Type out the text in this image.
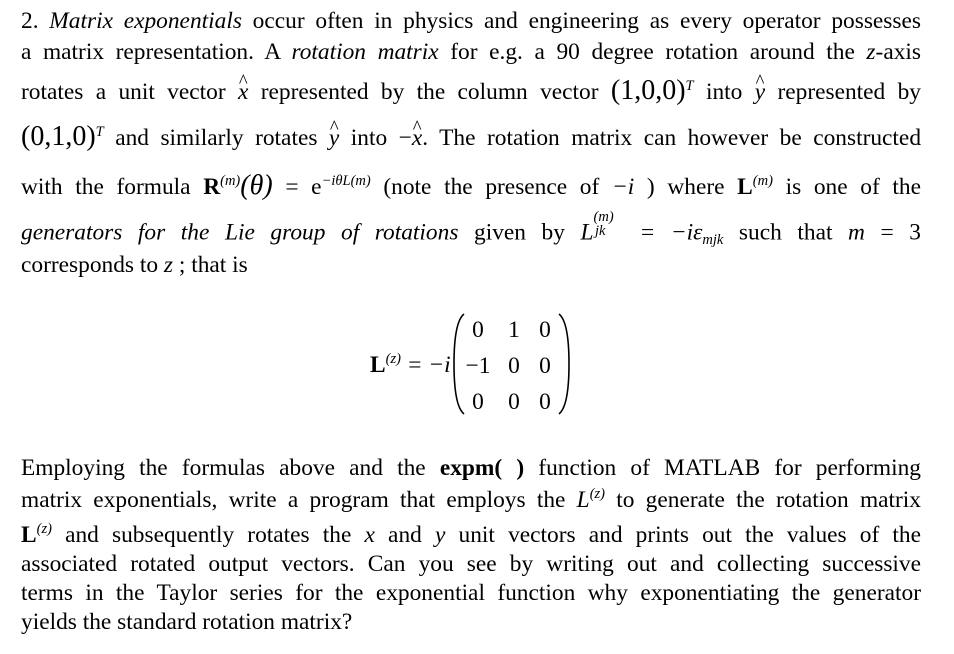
2. Matrix exponentials occur often in physics and engineering as every operator possesses
a matrix representation. A rotation matrix for e.g. a 90 degree rotation around the z-axis
rotates a unit vector ^ x represented by the column vector $(1,0,0)^T$ into ^ y represented by
$(0,1,0)^T$ and similarly rotates ^ y into −^ x. The rotation matrix can however be constructed
with the formula $R^{(m)}(\theta) = e^{-i\theta L(m)}$ (note the presence of −i ) where $L^{(m)}$ is one of the
generators for the Lie group of rotations given by L
(m)
jk = $-i\varepsilon_{mjk}$ such that m = 3
corresponds to z ; that is
$L^{(z)} = -i$
0	1 0
−1 0 0
0	0 0
Employing the formulas above and the expm( ) function of MATLAB for performing
matrix exponentials, write a program that employs the $L^{(z)}$ to generate the rotation matrix
$L^{(z)}$ and subsequently rotates the x and y unit vectors and prints out the values of the
associated rotated output vectors. Can you see by writing out and collecting successive
terms in the Taylor series for the exponential function why exponentiating the generator
yields the standard rotation matrix?
